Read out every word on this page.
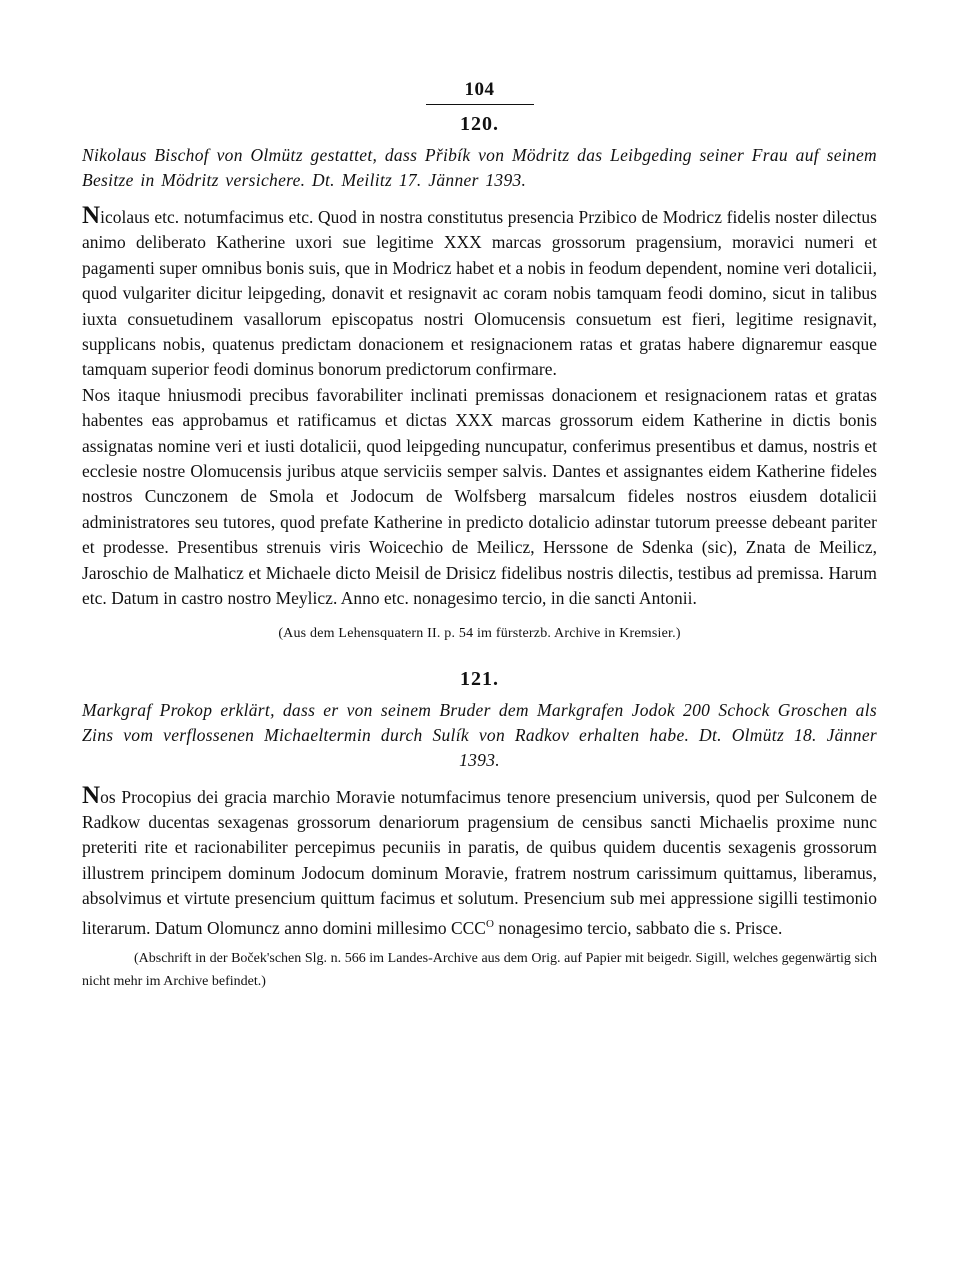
104
120.

Nikolaus Bischof von Olmütz gestattet, dass Přibík von Mödritz das Leibgeding seiner Frau auf seinem Besitze in Mödritz versichere. Dt. Meilitz 17. Jänner 1393.

Nicolaus etc. notumfacimus etc. Quod in nostra constitutus presencia Przibico de Modricz fidelis noster dilectus animo deliberato Katherine uxori sue legitime XXX marcas grossorum pragensium, moravici numeri et pagamenti super omnibus bonis suis, que in Modricz habet et a nobis in feodum dependent, nomine veri dotalicii, quod vulgariter dicitur leipgeding, donavit et resignavit ac coram nobis tamquam feodi domino, sicut in talibus iuxta consuetudinem vasallorum episcopatus nostri Olomucensis consuetum est fieri, legitime resignavit, supplicans nobis, quatenus predictam donacionem et resignacionem ratas et gratas habere dignaremur easque tamquam superior feodi dominus bonorum predictorum confirmare.

Nos itaque hniusmodi precibus favorabiliter inclinati premissas donacionem et resignacionem ratas et gratas habentes eas approbamus et ratificamus et dictas XXX marcas grossorum eidem Katherine in dictis bonis assignatas nomine veri et iusti dotalicii, quod leipgeding nuncupatur, conferimus presentibus et damus, nostris et ecclesie nostre Olomucensis juribus atque serviciis semper salvis. Dantes et assignantes eidem Katherine fideles nostros Cunczonem de Smola et Jodocum de Wolfsberg marsalcum fideles nostros eiusdem dotalicii administratores seu tutores, quod prefate Katherine in predicto dotalicio adinstar tutorum preesse debeant pariter et prodesse. Presentibus strenuis viris Woicechio de Meilicz, Herssone de Sdenka (sic), Znata de Meilicz, Jaroschio de Malhaticz et Michaele dicto Meisil de Drisicz fidelibus nostris dilectis, testibus ad premissa. Harum etc. Datum in castro nostro Meylicz. Anno etc. nonagesimo tercio, in die sancti Antonii.

(Aus dem Lehensquatern II. p. 54 im fürsterzb. Archive in Kremsier.)
121.

Markgraf Prokop erklärt, dass er von seinem Bruder dem Markgrafen Jodok 200 Schock Groschen als Zins vom verflossenen Michaeltermin durch Sulík von Radkov erhalten habe. Dt. Olmütz 18. Jänner 1393.

Nos Procopius dei gracia marchio Moravie notumfacimus tenore presencium universis, quod per Sulconem de Radkow ducentas sexagenas grossorum denariorum pragensium de censibus sancti Michaelis proxime nunc preteriti rite et racionabiliter percepimus pecuniis in paratis, de quibus quidem ducentis sexagenis grossorum illustrem principem dominum Jodocum dominum Moravie, fratrem nostrum carissimum quittamus, liberamus, absolvimus et virtute presencium quittum facimus et solutum. Presencium sub mei appressione sigilli testimonio literarum. Datum Olomuncz anno domini millesimo $CCC^O$ nonagesimo tercio, sabbato die s. Prisce.

(Abschrift in der Boček'schen Slg. n. 566 im Landes-Archive aus dem Orig. auf Papier mit beigedr. Sigill, welches gegenwärtig sich nicht mehr im Archive befindet.)
